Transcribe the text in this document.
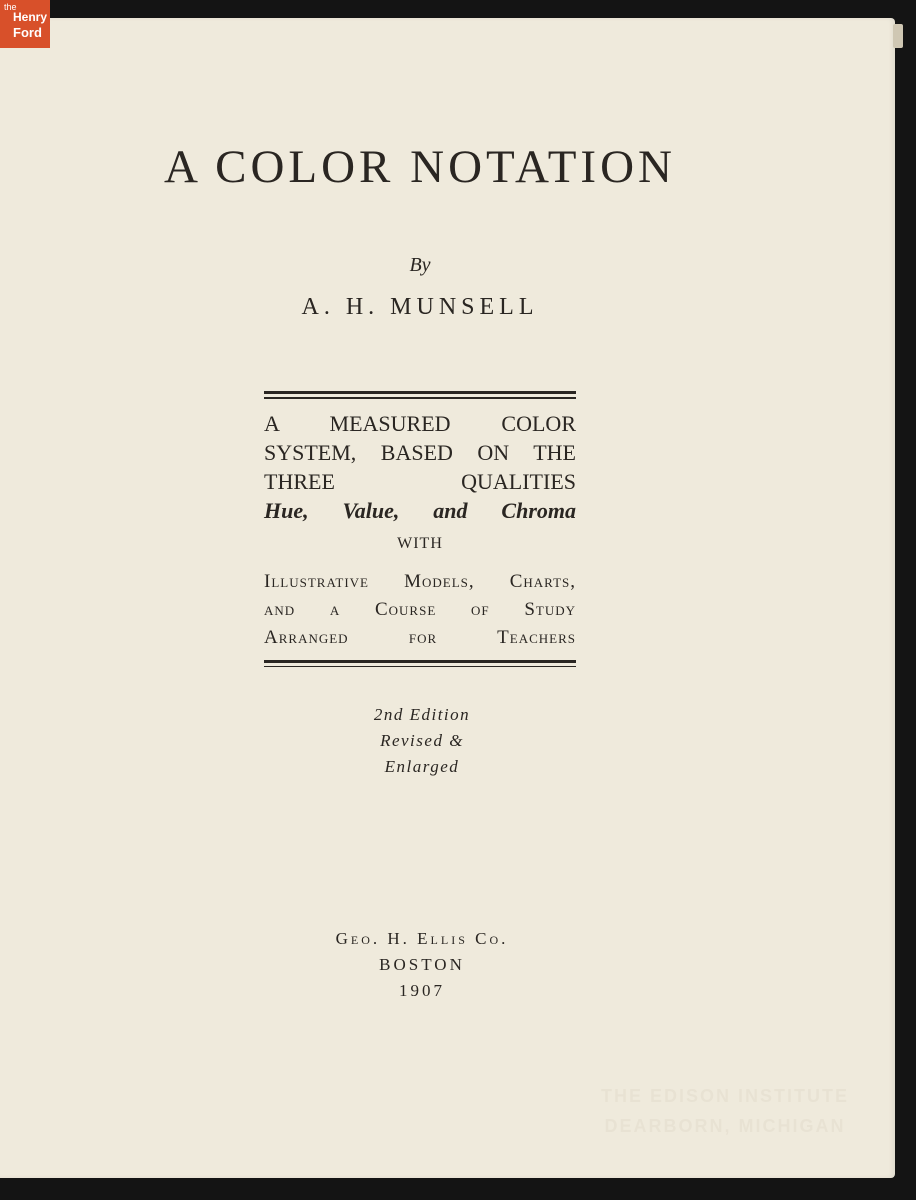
A COLOR NOTATION
By
A. H. MUNSELL
A MEASURED COLOR
SYSTEM, BASED ON THE
THREE QUALITIES
Hue, Value, and Chroma
WITH
Illustrative Models, Charts,
and a Course of Study
Arranged for Teachers
2nd Edition
Revised &
Enlarged
Geo. H. Ellis Co.
BOSTON
1907
THE EDISON INSTITUTE
DEARBORN, MICHIGAN
the
Henry
Ford
